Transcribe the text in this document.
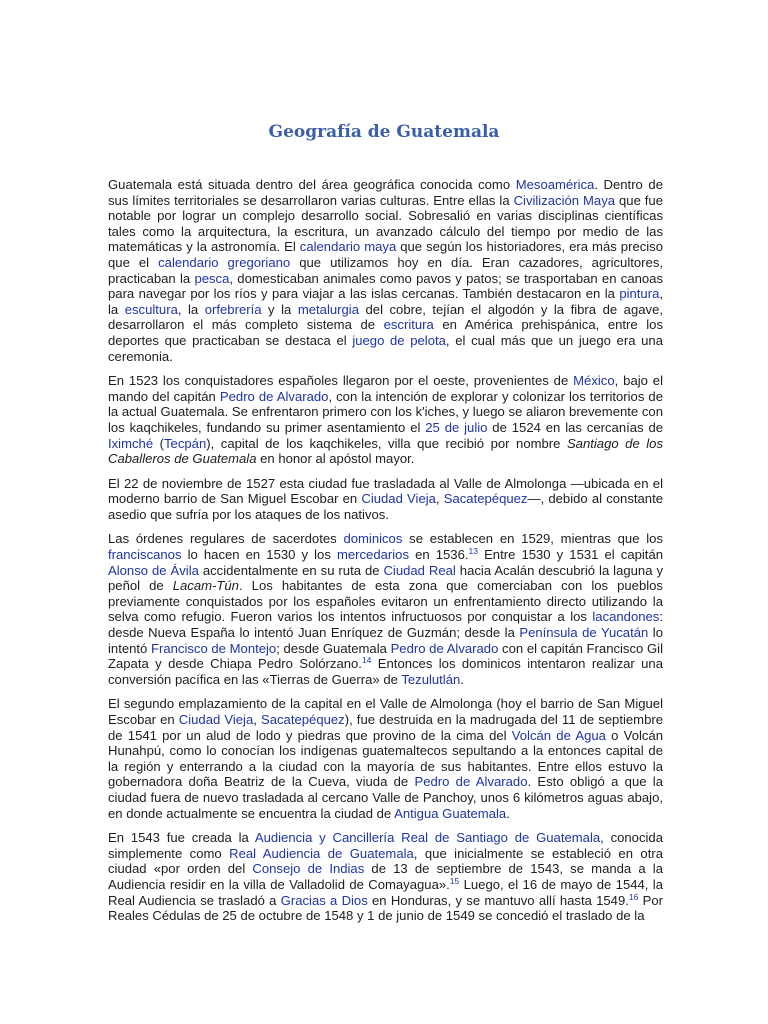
Geografía de Guatemala

Guatemala está situada dentro del área geográfica conocida como Mesoamérica. Dentro de sus límites territoriales se desarrollaron varias culturas. Entre ellas la Civilización Maya que fue notable por lograr un complejo desarrollo social. Sobresalió en varias disciplinas científicas tales como la arquitectura, la escritura, un avanzado cálculo del tiempo por medio de las matemáticas y la astronomía. El calendario maya que según los historiadores, era más preciso que el calendario gregoriano que utilizamos hoy en día. Eran cazadores, agricultores, practicaban la pesca, domesticaban animales como pavos y patos; se trasportaban en canoas para navegar por los ríos y para viajar a las islas cercanas. También destacaron en la pintura, la escultura, la orfebrería y la metalurgia del cobre, tejían el algodón y la fibra de agave, desarrollaron el más completo sistema de escritura en América prehispánica, entre los deportes que practicaban se destaca el juego de pelota, el cual más que un juego era una ceremonia.

En 1523 los conquistadores españoles llegaron por el oeste, provenientes de México, bajo el mando del capitán Pedro de Alvarado, con la intención de explorar y colonizar los territorios de la actual Guatemala. Se enfrentaron primero con los k'iches, y luego se aliaron brevemente con los kaqchikeles, fundando su primer asentamiento el 25 de julio de 1524 en las cercanías de Iximché (Tecpán), capital de los kaqchikeles, villa que recibió por nombre Santiago de los Caballeros de Guatemala en honor al apóstol mayor.

El 22 de noviembre de 1527 esta ciudad fue trasladada al Valle de Almolonga —ubicada en el moderno barrio de San Miguel Escobar en Ciudad Vieja, Sacatepéquez—, debido al constante asedio que sufría por los ataques de los nativos.

Las órdenes regulares de sacerdotes dominicos se establecen en 1529, mientras que los franciscanos lo hacen en 1530 y los mercedarios en 1536.13 Entre 1530 y 1531 el capitán Alonso de Ávila accidentalmente en su ruta de Ciudad Real hacia Acalán descubrió la laguna y peñol de Lacam-Tún. Los habitantes de esta zona que comerciaban con los pueblos previamente conquistados por los españoles evitaron un enfrentamiento directo utilizando la selva como refugio. Fueron varios los intentos infructuosos por conquistar a los lacandones: desde Nueva España lo intentó Juan Enríquez de Guzmán; desde la Península de Yucatán lo intentó Francisco de Montejo; desde Guatemala Pedro de Alvarado con el capitán Francisco Gil Zapata y desde Chiapa Pedro Solórzano.$^{14}$ Entonces los dominicos intentaron realizar una conversión pacífica en las «Tierras de Guerra» de Tezulutlán.

El segundo emplazamiento de la capital en el Valle de Almolonga (hoy el barrio de San Miguel Escobar en Ciudad Vieja, Sacatepéquez), fue destruida en la madrugada del 11 de septiembre de 1541 por un alud de lodo y piedras que provino de la cima del Volcán de Agua o Volcán Hunahpú, como lo conocían los indígenas guatemaltecos sepultando a la entonces capital de la región y enterrando a la ciudad con la mayoría de sus habitantes. Entre ellos estuvo la gobernadora doña Beatriz de la Cueva, viuda de Pedro de Alvarado. Esto obligó a que la ciudad fuera de nuevo trasladada al cercano Valle de Panchoy, unos 6 kilómetros aguas abajo, en donde actualmente se encuentra la ciudad de Antigua Guatemala.

En 1543 fue creada la Audiencia y Cancillería Real de Santiago de Guatemala, conocida simplemente como Real Audiencia de Guatemala, que inicialmente se estableció en otra ciudad «por orden del Consejo de Indias de 13 de septiembre de 1543, se manda a la Audiencia residir en la villa de Valladolid de Comayagua».$^{15}$ Luego, el 16 de mayo de 1544, la Real Audiencia se trasladó a Gracias a Dios en Honduras, y se mantuvo allí hasta 1549.16 Por Reales Cédulas de 25 de octubre de 1548 y 1 de junio de 1549 se concedió el traslado de la
